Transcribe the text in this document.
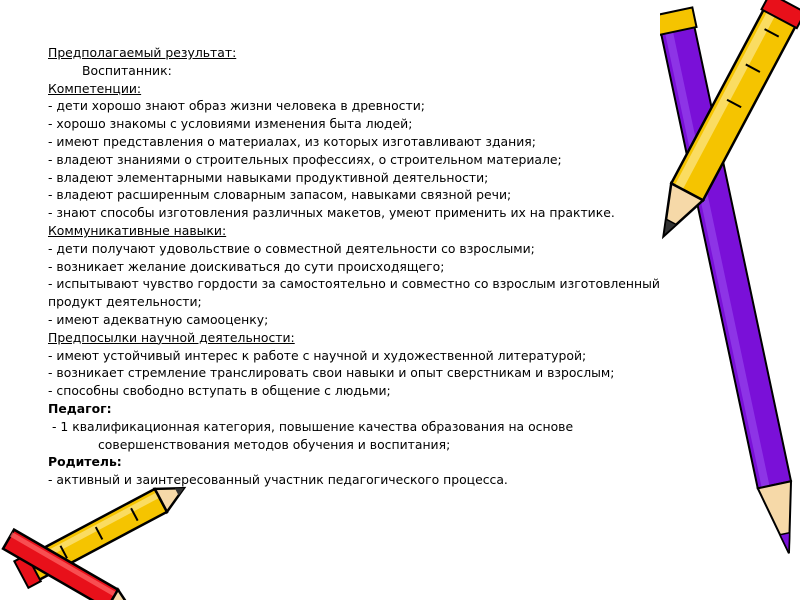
Предполагаемый результат:
Воспитанник:
Компетенции:
- дети хорошо знают образ жизни человека в древности;
- хорошо знакомы с условиями изменения быта людей;
- имеют представления о материалах, из которых изготавливают здания;
- владеют знаниями о строительных профессиях, о строительном материале;
- владеют элементарными навыками продуктивной деятельности;
- владеют расширенным словарным запасом, навыками связной речи;
- знают способы изготовления различных макетов, умеют применить их на практике.
Коммуникативные навыки:
- дети получают удовольствие о совместной деятельности со взрослыми;
- возникает желание доискиваться до сути происходящего;
- испытывают чувство гордости за самостоятельно и совместно со взрослым изготовленный
продукт деятельности;
- имеют адекватную самооценку;
Предпосылки научной деятельности:
- имеют устойчивый интерес к работе с научной и художественной литературой;
- возникает стремление транслировать свои навыки и опыт сверстникам и взрослым;
- способны свободно вступать в общение с людьми;
Педагог:
- 1 квалификационная категория, повышение качества образования на основе
совершенствования методов обучения и воспитания;
Родитель:
- активный и заинтересованный участник педагогического процесса.
